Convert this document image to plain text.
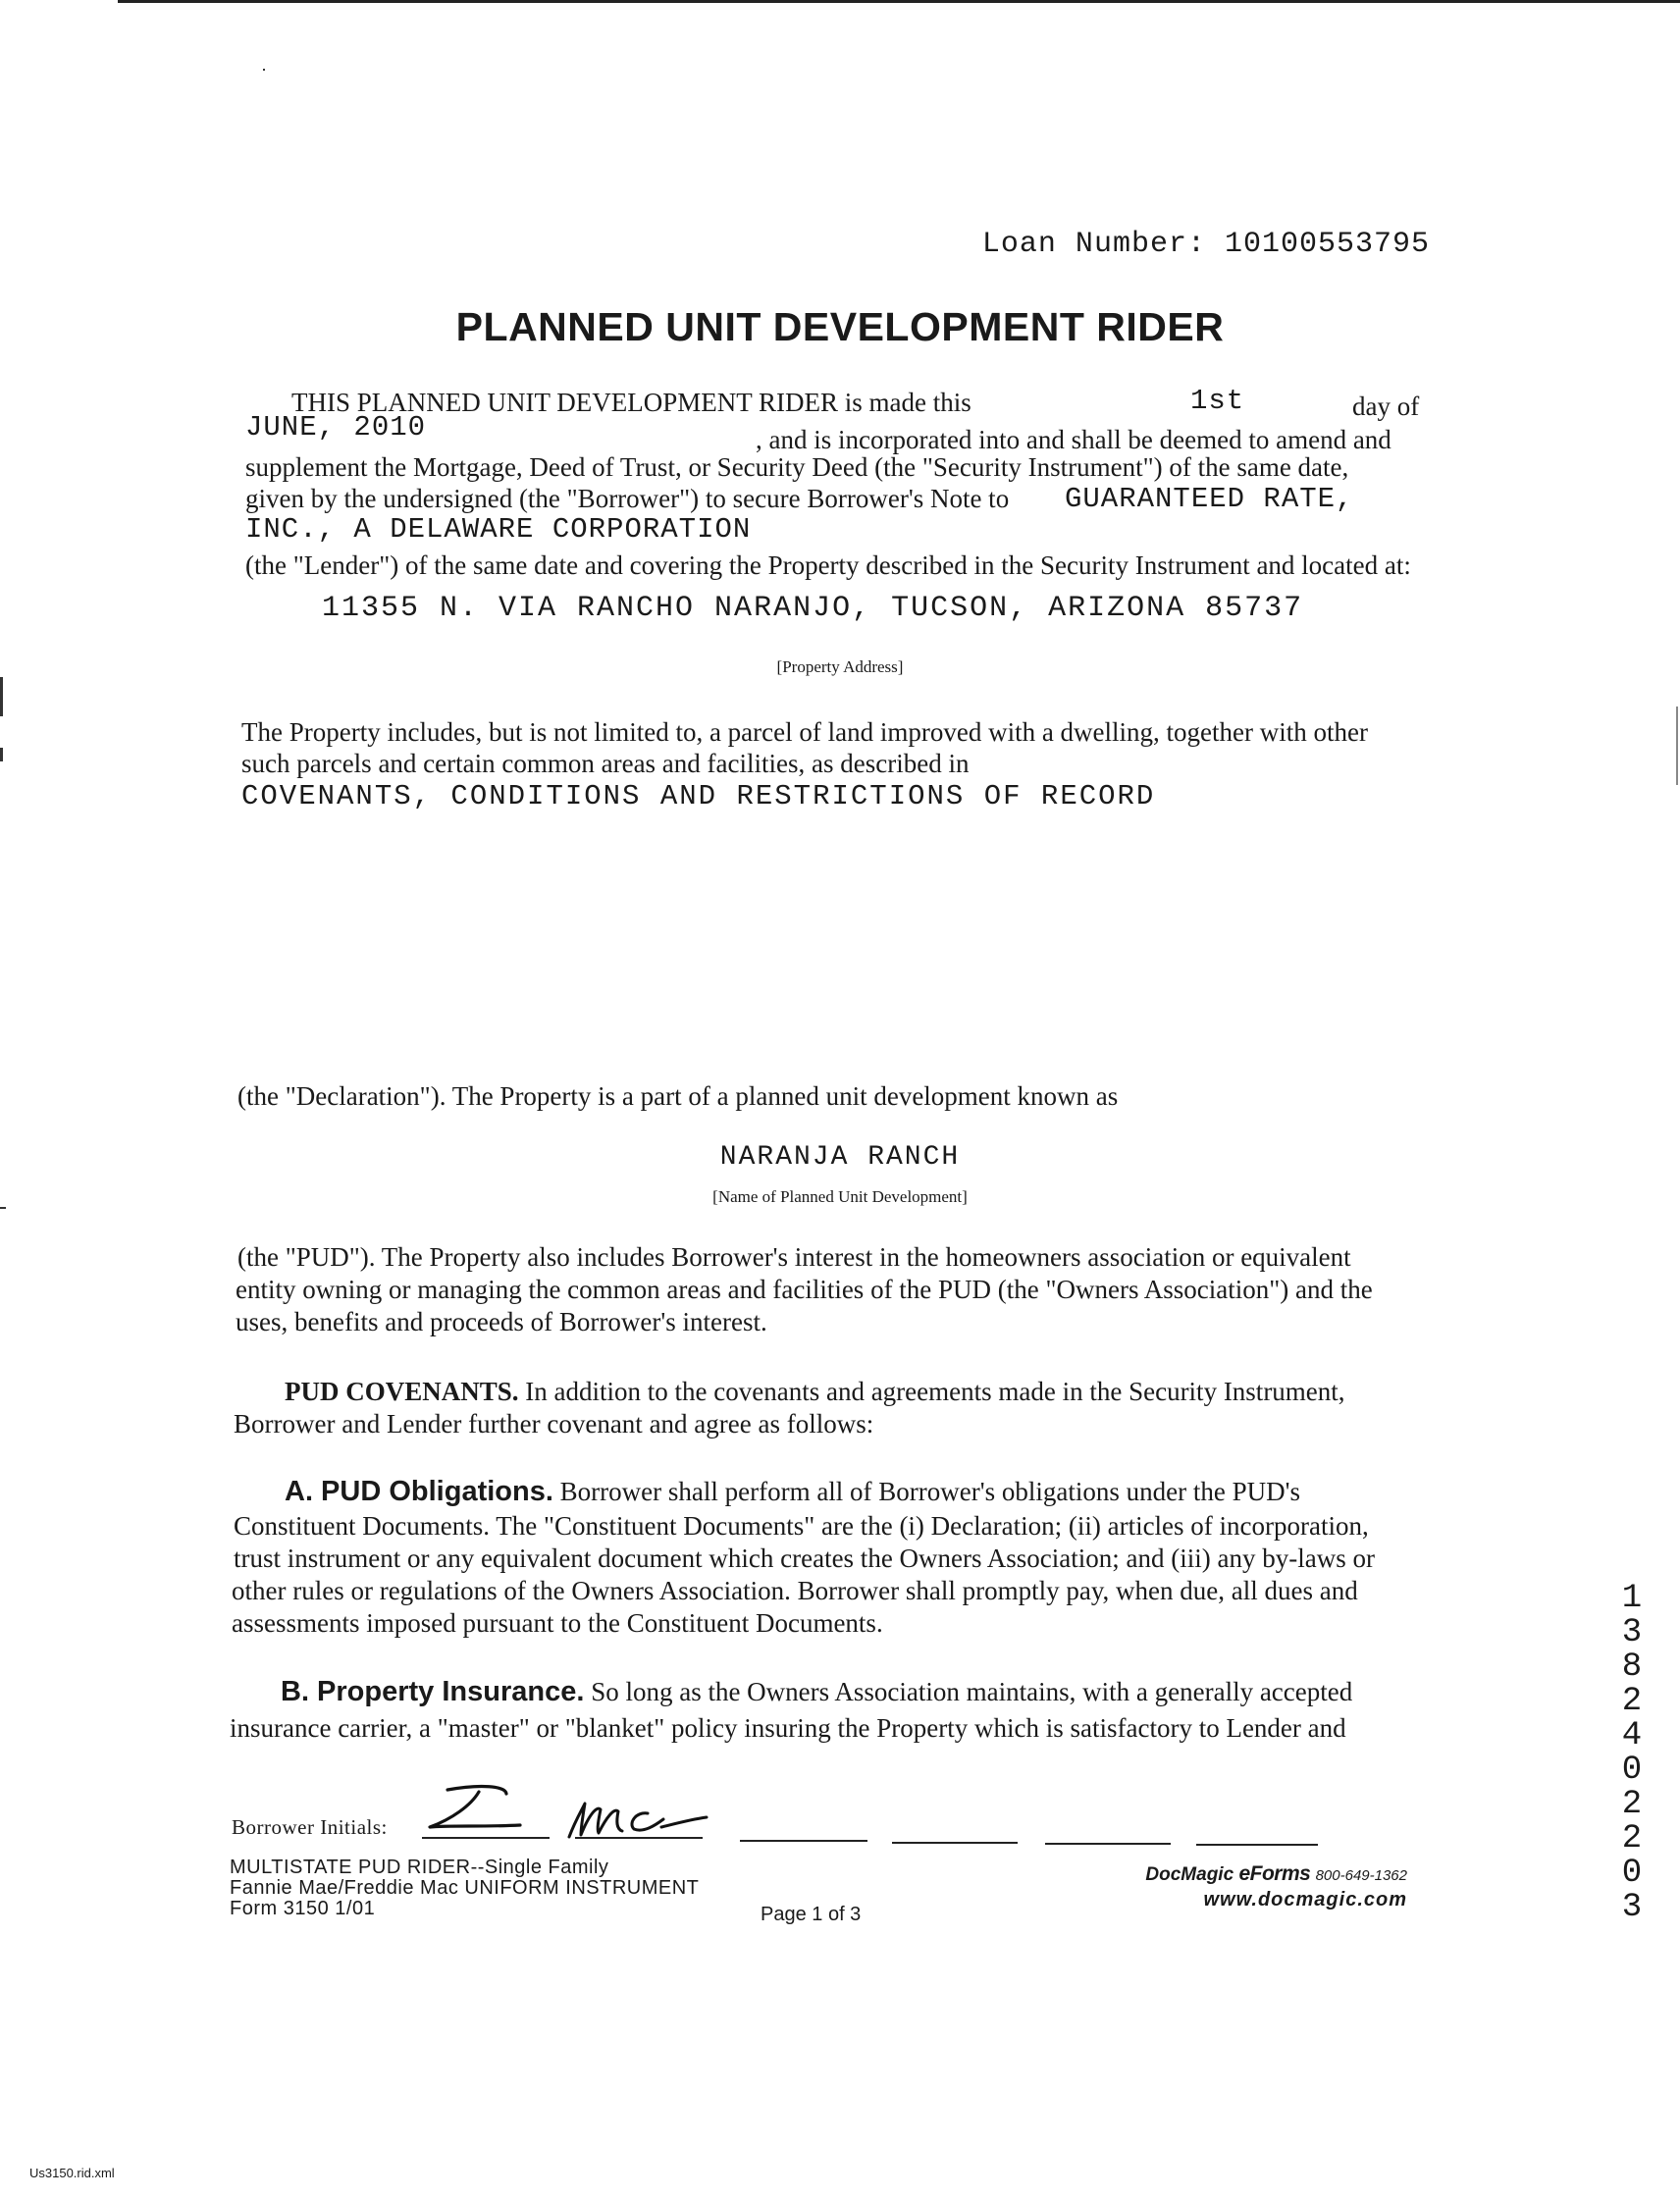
Loan Number: 10100553795
PLANNED UNIT DEVELOPMENT RIDER
THIS PLANNED UNIT DEVELOPMENT RIDER is made this	1st	day of
JUNE, 2010	, and is incorporated into and shall be deemed to amend and
supplement the Mortgage, Deed of Trust, or Security Deed (the "Security Instrument") of the same date,
given by the undersigned (the "Borrower") to secure Borrower's Note to GUARANTEED RATE,
INC., A DELAWARE CORPORATION
(the "Lender") of the same date and covering the Property described in the Security Instrument and located at:
11355 N. VIA RANCHO NARANJO, TUCSON, ARIZONA 85737
[Property Address]
The Property includes, but is not limited to, a parcel of land improved with a dwelling, together with other
such parcels and certain common areas and facilities, as described in
COVENANTS, CONDITIONS AND RESTRICTIONS OF RECORD
(the "Declaration"). The Property is a part of a planned unit development known as
NARANJA RANCH
[Name of Planned Unit Development]
(the "PUD"). The Property also includes Borrower's interest in the homeowners association or equivalent
entity owning or managing the common areas and facilities of the PUD (the "Owners Association") and the
uses, benefits and proceeds of Borrower's interest.
PUD COVENANTS. In addition to the covenants and agreements made in the Security Instrument,
Borrower and Lender further covenant and agree as follows:
A. PUD Obligations. Borrower shall perform all of Borrower's obligations under the PUD's
Constituent Documents. The "Constituent Documents" are the (i) Declaration; (ii) articles of incorporation,
trust instrument or any equivalent document which creates the Owners Association; and (iii) any by-laws or
other rules or regulations of the Owners Association. Borrower shall promptly pay, when due, all dues and
assessments imposed pursuant to the Constituent Documents.
B. Property Insurance. So long as the Owners Association maintains, with a generally accepted
insurance carrier, a "master" or "blanket" policy insuring the Property which is satisfactory to Lender and
Borrower Initials:
MULTISTATE PUD RIDER--Single Family
Fannie Mae/Freddie Mac UNIFORM INSTRUMENT
Form 3150 1/01	Page 1 of 3
DocMagic eForms 800-649-1362
www.docmagic.com
1
3
8
2
4
0
2
2
0
3
Us3150.rid.xml
